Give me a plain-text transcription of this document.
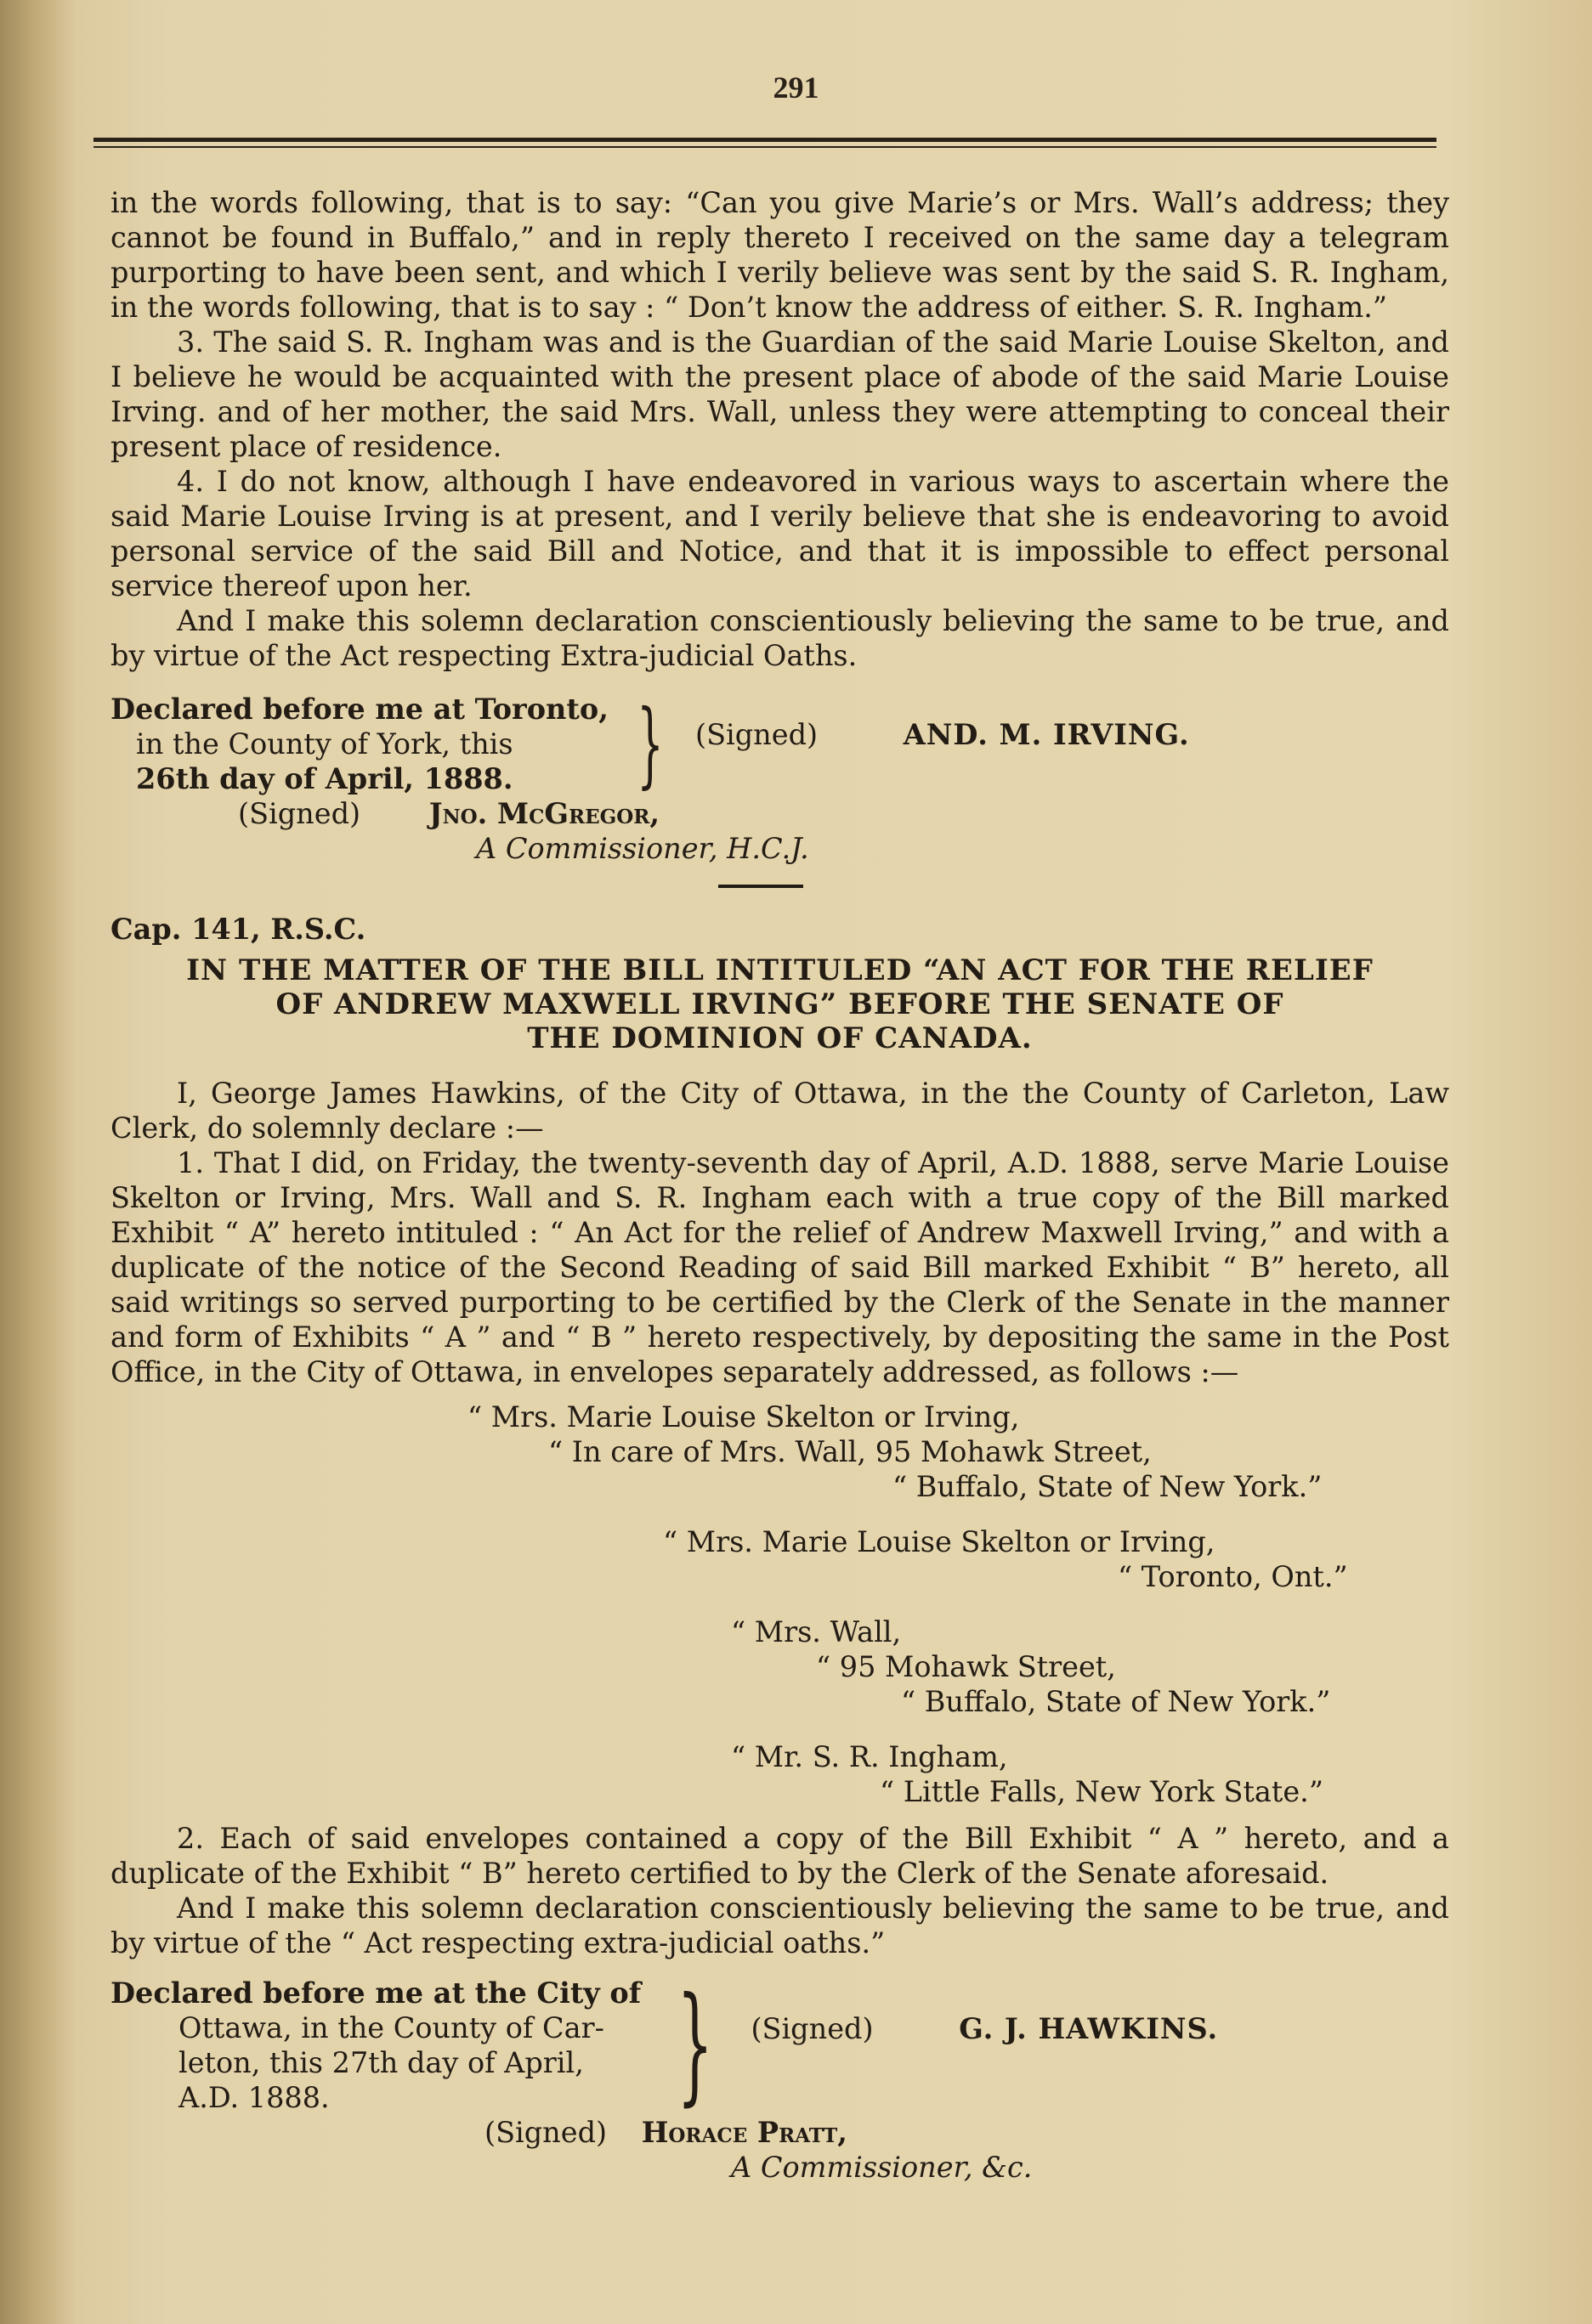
291

in the words following, that is to say: “Can you give Marie’s or Mrs. Wall’s address; they cannot be found in Buffalo,” and in reply thereto I received on the same day a telegram purporting to have been sent, and which I verily believe was sent by the said S. R. Ingham, in the words following, that is to say : “ Don’t know the address of either. S. R. Ingham.”

3. The said S. R. Ingham was and is the Guardian of the said Marie Louise Skelton, and I believe he would be acquainted with the present place of abode of the said Marie Louise Irving. and of her mother, the said Mrs. Wall, unless they were attempting to conceal their present place of residence.

4. I do not know, although I have endeavored in various ways to ascertain where the said Marie Louise Irving is at present, and I verily believe that she is endeavoring to avoid personal service of the said Bill and Notice, and that it is impossible to effect personal service thereof upon her.

And I make this solemn declaration conscientiously believing the same to be true, and by virtue of the Act respecting Extra-judicial Oaths.

Declared before me at Toronto,
in the County of York, this
26th day of April, 1888.	} (Signed)	AND. M. IRVING.
(Signed) Jno. McGregor,
A Commissioner, H.C.J.
Cap. 141, R.S.C.
IN THE MATTER OF THE BILL INTITULED “AN ACT FOR THE RELIEF
OF ANDREW MAXWELL IRVING” BEFORE THE SENATE OF
THE DOMINION OF CANADA.

I, George James Hawkins, of the City of Ottawa, in the the County of Carleton, Law Clerk, do solemnly declare :—

1. That I did, on Friday, the twenty-seventh day of April, A.D. 1888, serve Marie Louise Skelton or Irving, Mrs. Wall and S. R. Ingham each with a true copy of the Bill marked Exhibit “ A” hereto intituled : “ An Act for the relief of Andrew Maxwell Irving,” and with a duplicate of the notice of the Second Reading of said Bill marked Exhibit “ B” hereto, all said writings so served purporting to be certified by the Clerk of the Senate in the manner and form of Exhibits “ A ” and “ B ” hereto respectively, by depositing the same in the Post Office, in the City of Ottawa, in envelopes separately addressed, as follows :—

“ Mrs. Marie Louise Skelton or Irving,
“ In care of Mrs. Wall, 95 Mohawk Street,
“ Buffalo, State of New York.”
“ Mrs. Marie Louise Skelton or Irving,
“ Toronto, Ont.”
“ Mrs. Wall,
“ 95 Mohawk Street,
“ Buffalo, State of New York.”
“ Mr. S. R. Ingham,
“ Little Falls, New York State.”

2. Each of said envelopes contained a copy of the Bill Exhibit “ A ” hereto, and a duplicate of the Exhibit “ B” hereto certified to by the Clerk of the Senate aforesaid.

And I make this solemn declaration conscientiously believing the same to be true, and by virtue of the “ Act respecting extra-judicial oaths.”

Declared before me at the City of
Ottawa, in the County of Car-
leton, this 27th day of April,
A.D. 1888.	} (Signed)	G. J. HAWKINS.
(Signed) Horace Pratt,
A Commissioner, &c.
